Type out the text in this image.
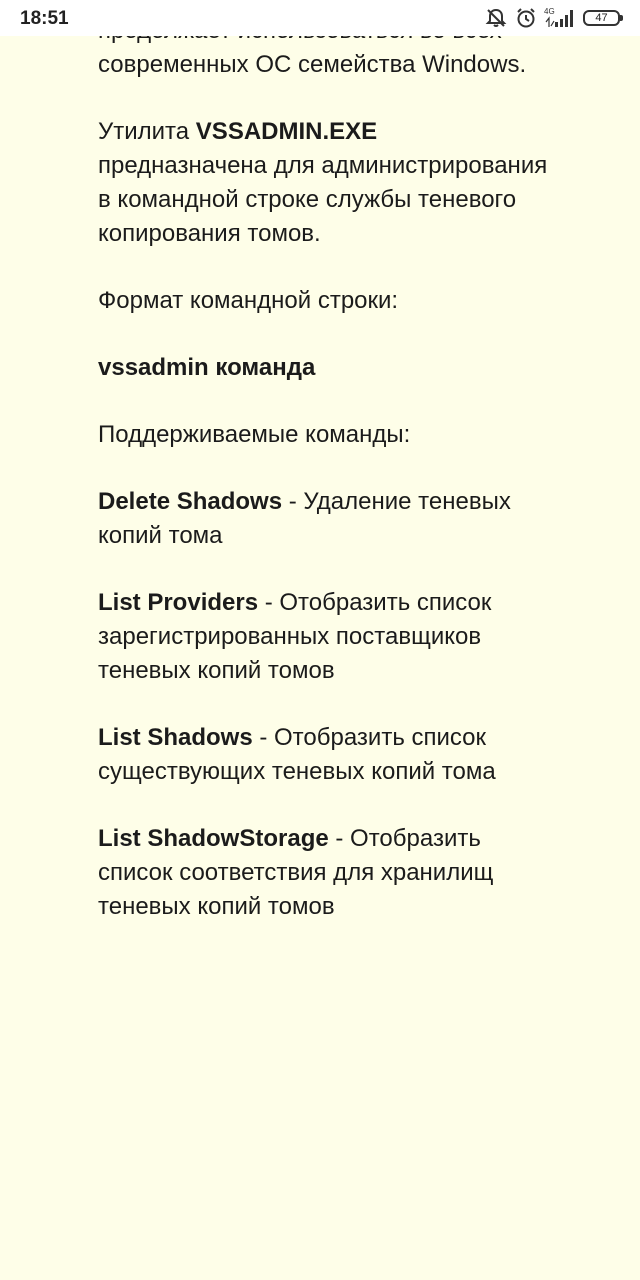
18:51	4G
47

современных ОС семейства Windows.

Утилита VSSADMIN.EXE предназначена для администрирования в командной строке службы теневого копирования томов.

Формат командной строки:

vssadmin команда

Поддерживаемые команды:

Delete Shadows - Удаление теневых копий тома

List Providers - Отобразить список зарегистрированных поставщиков теневых копий томов

List Shadows - Отобразить список существующих теневых копий тома

List ShadowStorage - Отобразить список соответствия для хранилищ теневых копий томов
